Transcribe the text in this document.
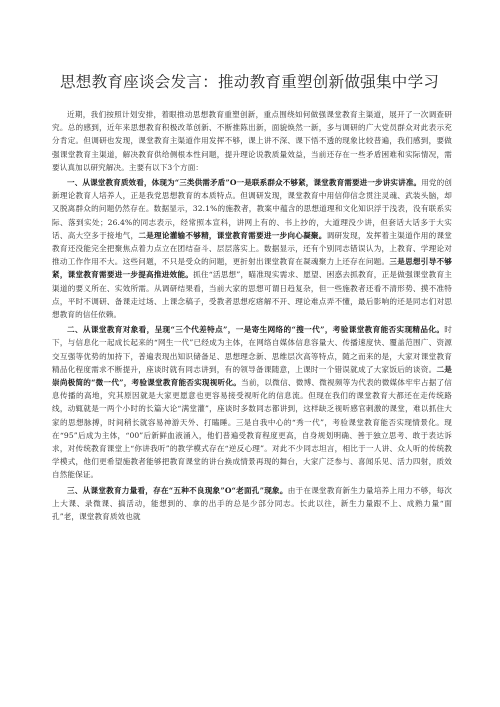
思想教育座谈会发言：推动教育重塑创新做强集中学习

近期，我们按照计划安排，着眼推动思想教育重塑创新，重点围绕如何做强课堂教育主渠道，展开了一次调查研究。总的感到，近年来思想教育积极改革创新、不断推陈出新，面貌焕然一新，多与调研的广大党员群众对此表示充分肯定。但调研也发现，课堂教育主渠道作用发挥不够，课上讲不深、课下悟不透的现象比较普遍，我们感到，要做强课堂教育主渠道，解决教育供给侧根本性问题，提升理论说教质量效益，当前还存在一些矛盾困难和实际情况，需要认真加以研究解决。主要有以下3个方面：

一、从课堂教育质效看，体现为“三类供需矛盾”O一是联系群众不够紧，课堂教育需要进一步讲实讲准。用党的创新理论教育人培养人，正是我党思想教育的本质特点。但调研发现，课堂教育中用信仰信念贯注灵魂、武装头脑，却又脱离群众的问题仍然存在。数据显示，32.1%的施教者，教案中蕴含的思想道理和文化知识浮于浅表，没有联系实际、落到实处；26.4%的同志表示，经常照本宣科，讲网上有的、书上抄的，大道理没少讲，但套话大话多于大实话、高大空多于接地气，二是理论灌输不够精，课堂教育需要进一步向心凝聚。调研发现，发挥着主渠道作用的课堂教育还没能完全把聚焦点着力点立在团结奋斗、层层落实上。数据显示，还有个别同志错误认为，上教育、学理论对推动工作作用不大。这些问题，不只是受众的问题，更折射出课堂教育在凝魂聚力上还存在问题。三是思想引导不够紧，课堂教育需要进一步提高推进效能。抓住“活思想”，瞄准现实需求、愿望、困惑去抓教育，正是做强课堂教育主渠道的要义所在、实效所需。从调研结果看，当前大家的思想可谓日趋复杂，但一些施教者还看不清形势、摸不准特点，平时不调研、备课走过场、上课念稿子，受教者思想疙瘩解不开、理论难点弄不懂，最后影响的还是同志们对思想教育的信任依赖。

二、从课堂教育对象看，呈现“三个代差特点”，一是寄生网络的“搜一代”，考验课堂教育能否实现精品化。时下，与信息化一起成长起来的“网生一代”已经成为主体，在网络自媒体信息容量大、传播速度快、覆盖范围广、资源交互强等优势的加持下，普遍表现出知识储备足、思想理念新、思维层次高等特点，随之而来的是，大家对课堂教育精品化程度需求不断提升，座谈时就有同志讲到，有的领导备课随意，上课时一个错误就成了大家饭后的谈资。二是崇尚极简的“微一代”，考验课堂教育能否实现视听化。当前，以微信、微博、微视频等为代表的微媒体牢牢占据了信息传播的高地，究其原因就是大家更愿意也更容易接受视听化的信息流。但现在我们的课堂教育大都还在走传统路线，动辄就是一两个小时的长篇大论“满堂灌”，座谈时多数同志都讲到，这样缺乏视听感官刺激的课堂，难以抓住大家的思想脉搏，时间稍长就容易神游天外、打瞌睡。三是自我中心的“秀一代”，考验课堂教育能否实现情景化。现在“95”后成为主体，“00”后新鲜血液涌入，他们普遍受教育程度更高，自身规划明确、善于独立思考、敢于表达诉求，对传统教育课堂上“你讲我听”的教学模式存在“逆反心理”。对此不少同志坦言，相比于一人讲、众人听的传统教学模式，他们更希望施教者能够把教育课堂的讲台换成情景再现的舞台，大家广泛参与、喜闻乐见、活力四射，质效自然能保证。

三、从课堂教育力量看，存在“五种不良现象”O“老面孔”现象。由于在课堂教育新生力量培养上用力不够，每次上大课、录微课、搞活动，能想到的、拿的出手的总是少部分同志。长此以往，新生力量跟不上、成熟力量“面孔”老，课堂教育质效也就
